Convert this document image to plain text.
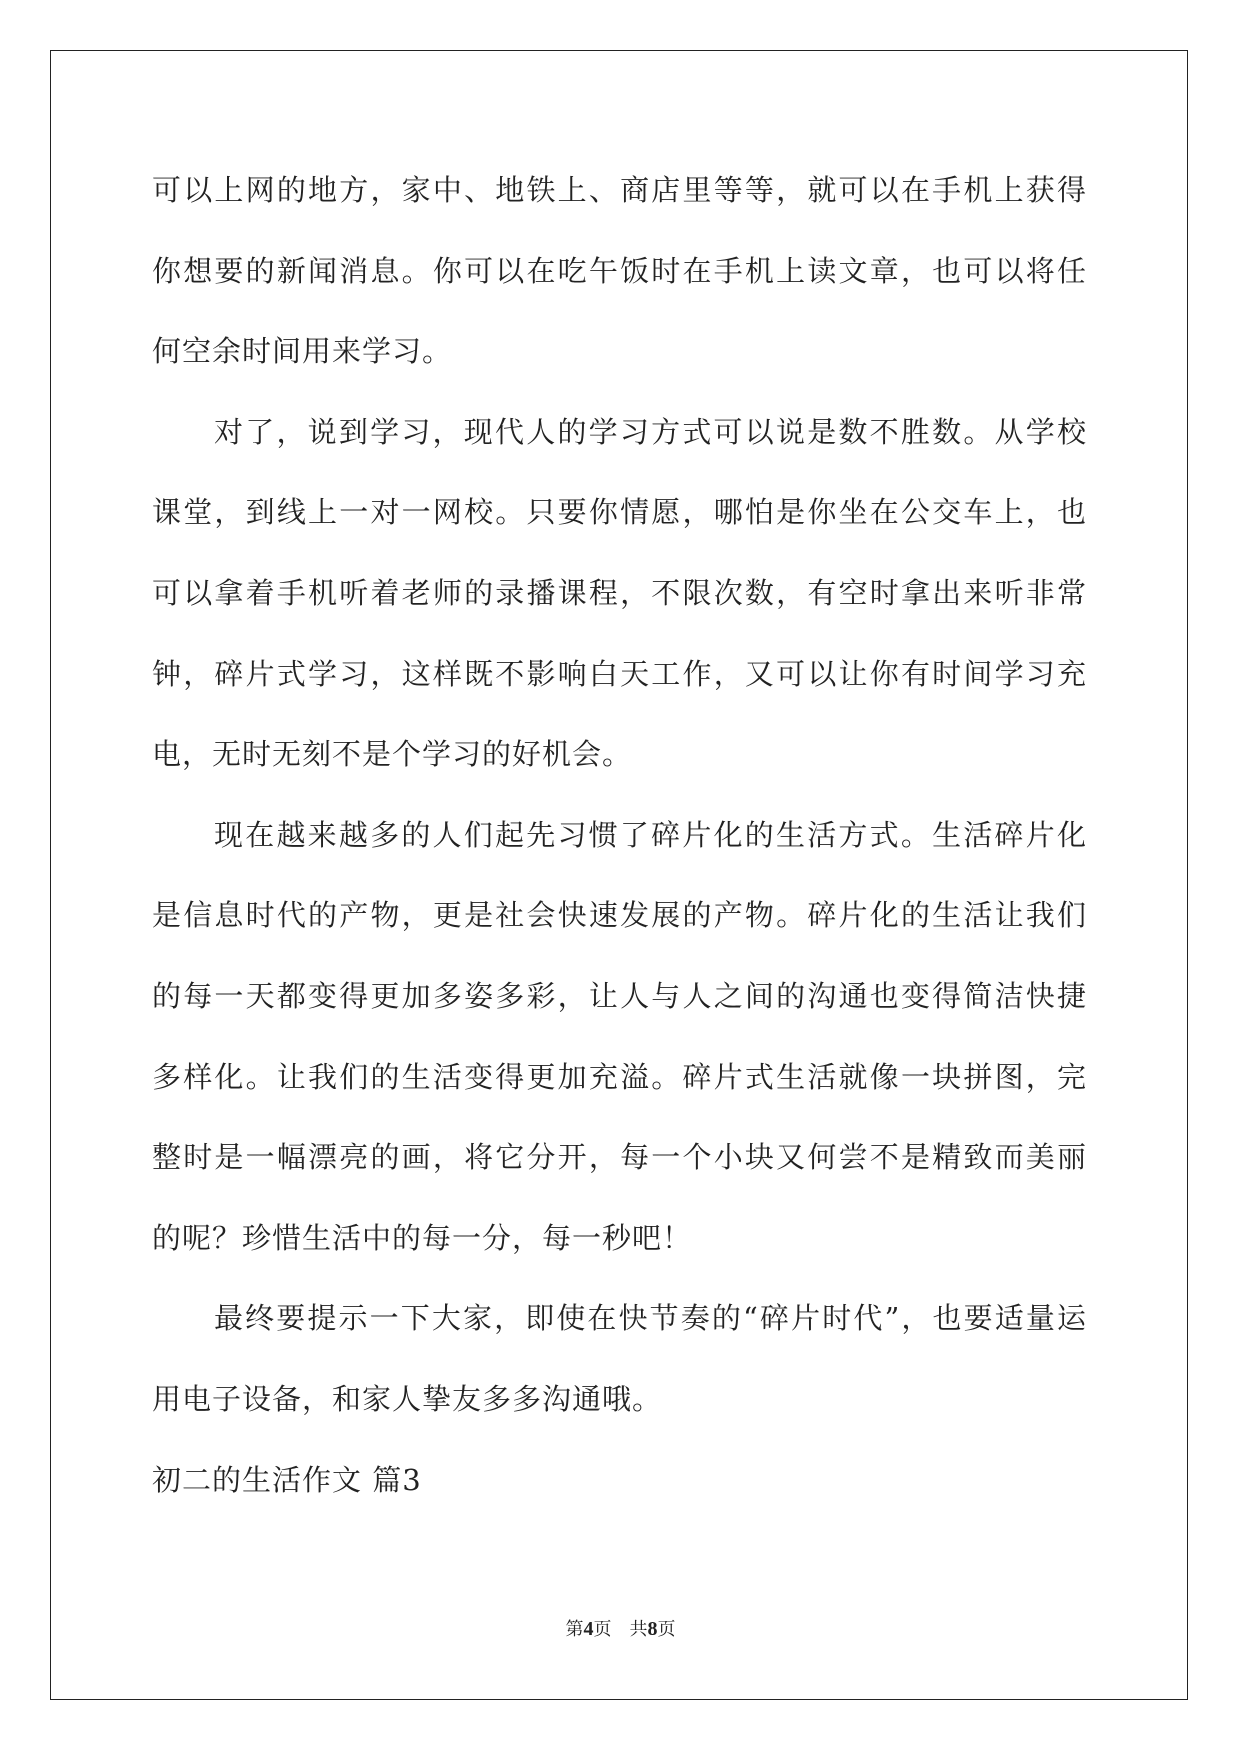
可以上网的地方，家中、地铁上、商店里等等，就可以在手机上获得
你想要的新闻消息。你可以在吃午饭时在手机上读文章，也可以将任
何空余时间用来学习。
对了，说到学习，现代人的学习方式可以说是数不胜数。从学校
课堂，到线上一对一网校。只要你情愿，哪怕是你坐在公交车上，也
可以拿着手机听着老师的录播课程，不限次数，有空时拿出来听非常
钟，碎片式学习，这样既不影响白天工作，又可以让你有时间学习充
电，无时无刻不是个学习的好机会。
现在越来越多的人们起先习惯了碎片化的生活方式。生活碎片化
是信息时代的产物，更是社会快速发展的产物。碎片化的生活让我们
的每一天都变得更加多姿多彩，让人与人之间的沟通也变得简洁快捷
多样化。让我们的生活变得更加充溢。碎片式生活就像一块拼图，完
整时是一幅漂亮的画，将它分开，每一个小块又何尝不是精致而美丽
的呢？珍惜生活中的每一分，每一秒吧！
最终要提示一下大家，即使在快节奏的“碎片时代”，也要适量运
用电子设备，和家人挚友多多沟通哦。
初二的生活作文 篇3
第4页　共8页
